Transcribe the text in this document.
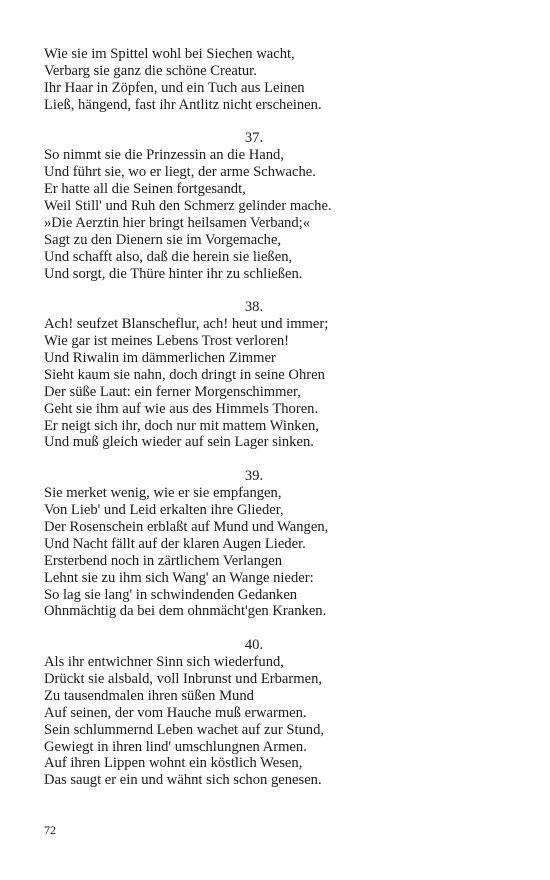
Wie sie im Spittel wohl bei Siechen wacht,
Verbarg sie ganz die schöne Creatur.
Ihr Haar in Zöpfen, und ein Tuch aus Leinen
Ließ, hängend, fast ihr Antlitz nicht erscheinen.
37.
So nimmt sie die Prinzessin an die Hand,
Und führt sie, wo er liegt, der arme Schwache.
Er hatte all die Seinen fortgesandt,
Weil Still' und Ruh den Schmerz gelinder mache.
»Die Aerztin hier bringt heilsamen Verband;«
Sagt zu den Dienern sie im Vorgemache,
Und schafft also, daß die herein sie ließen,
Und sorgt, die Thüre hinter ihr zu schließen.
38.
Ach! seufzet Blanscheflur, ach! heut und immer;
Wie gar ist meines Lebens Trost verloren!
Und Riwalin im dämmerlichen Zimmer
Sieht kaum sie nahn, doch dringt in seine Ohren
Der süße Laut: ein ferner Morgenschimmer,
Geht sie ihm auf wie aus des Himmels Thoren.
Er neigt sich ihr, doch nur mit mattem Winken,
Und muß gleich wieder auf sein Lager sinken.
39.
Sie merket wenig, wie er sie empfangen,
Von Lieb' und Leid erkalten ihre Glieder,
Der Rosenschein erblaßt auf Mund und Wangen,
Und Nacht fällt auf der klaren Augen Lieder.
Ersterbend noch in zärtlichem Verlangen
Lehnt sie zu ihm sich Wang' an Wange nieder:
So lag sie lang' in schwindenden Gedanken
Ohnmächtig da bei dem ohnmächt'gen Kranken.
40.
Als ihr entwichner Sinn sich wiederfund,
Drückt sie alsbald, voll Inbrunst und Erbarmen,
Zu tausendmalen ihren süßen Mund
Auf seinen, der vom Hauche muß erwarmen.
Sein schlummernd Leben wachet auf zur Stund,
Gewiegt in ihren lind' umschlungnen Armen.
Auf ihren Lippen wohnt ein köstlich Wesen,
Das saugt er ein und wähnt sich schon genesen.
72
